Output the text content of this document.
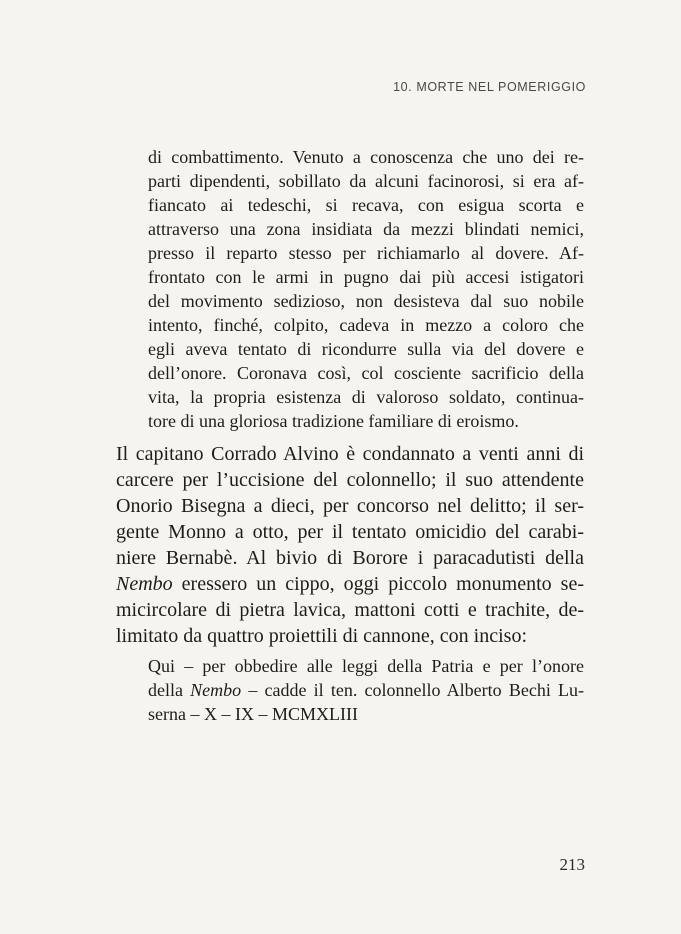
10. MORTE NEL POMERIGGIO
di combattimento. Venuto a conoscenza che uno dei re-
parti dipendenti, sobillato da alcuni facinorosi, si era af-
fiancato ai tedeschi, si recava, con esigua scorta e
attraverso una zona insidiata da mezzi blindati nemici,
presso il reparto stesso per richiamarlo al dovere. Af-
frontato con le armi in pugno dai più accesi istigatori
del movimento sedizioso, non desisteva dal suo nobile
intento, finché, colpito, cadeva in mezzo a coloro che
egli aveva tentato di ricondurre sulla via del dovere e
dell’onore. Coronava così, col cosciente sacrificio della
vita, la propria esistenza di valoroso soldato, continua-
tore di una gloriosa tradizione familiare di eroismo.
Il capitano Corrado Alvino è condannato a venti anni di
carcere per l’uccisione del colonnello; il suo attendente
Onorio Bisegna a dieci, per concorso nel delitto; il ser-
gente Monno a otto, per il tentato omicidio del carabi-
niere Bernabè. Al bivio di Borore i paracadutisti della
Nembo eressero un cippo, oggi piccolo monumento se-
micircolare di pietra lavica, mattoni cotti e trachite, de-
limitato da quattro proiettili di cannone, con inciso:
Qui – per obbedire alle leggi della Patria e per l’onore
della Nembo – cadde il ten. colonnello Alberto Bechi Lu-
serna – X – IX – MCMXLIII
213
